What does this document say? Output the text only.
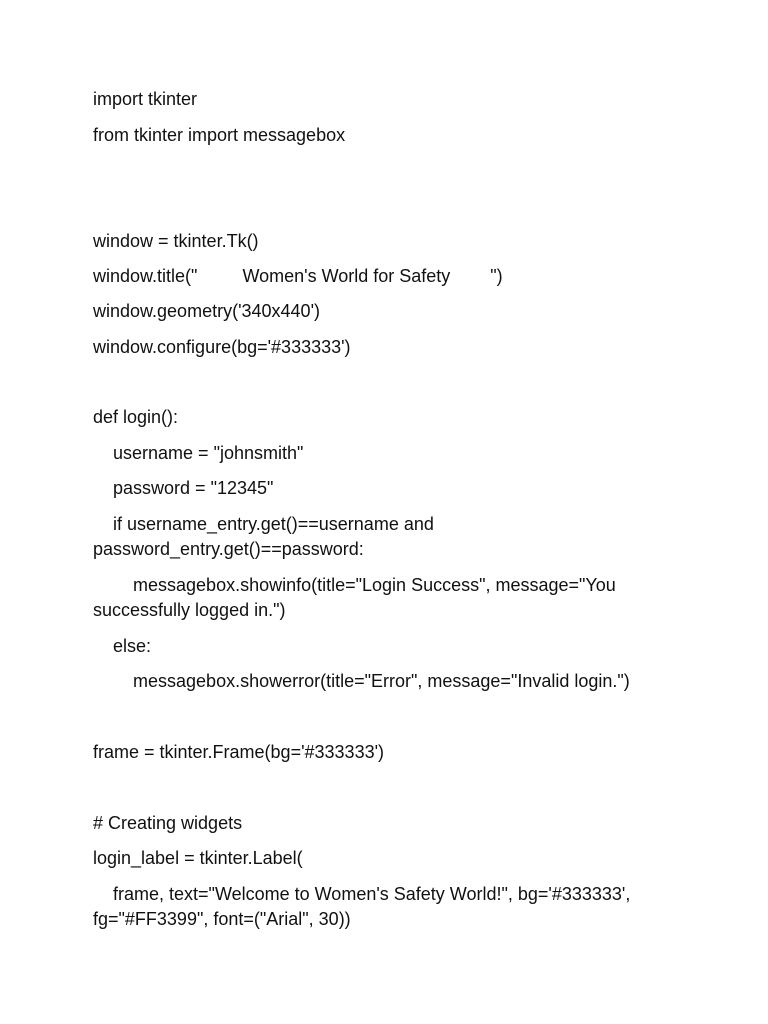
import tkinter

from tkinter import messagebox

window = tkinter.Tk()

window.title("         Women's World for Safety        ")

window.geometry('340x440')

window.configure(bg='#333333')

def login():

username = "johnsmith"

password = "12345"

if username_entry.get()==username and password_entry.get()==password:

messagebox.showinfo(title="Login Success", message="You successfully logged in.")

else:

messagebox.showerror(title="Error", message="Invalid login.")

frame = tkinter.Frame(bg='#333333')

# Creating widgets

login_label = tkinter.Label(

frame, text="Welcome to Women's Safety World!", bg='#333333', fg="#FF3399", font=("Arial", 30))
